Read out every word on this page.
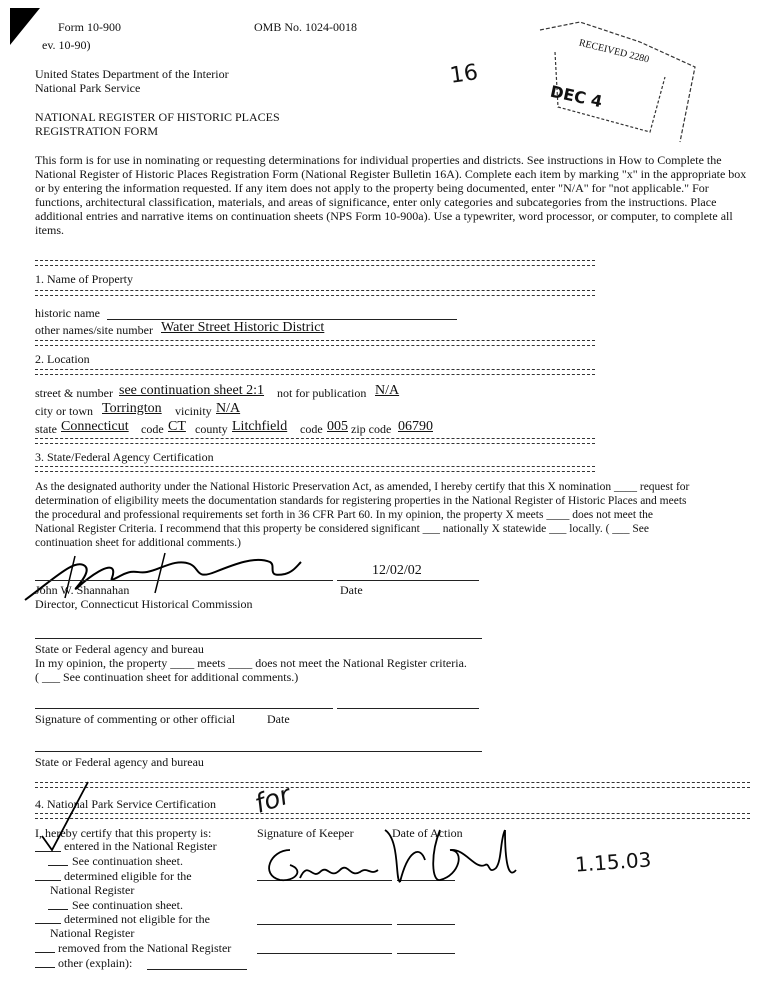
Form 10-900
ev. 10-90)
OMB No. 1024-0018
United States Department of the Interior
National Park Service
NATIONAL REGISTER OF HISTORIC PLACES
REGISTRATION FORM
RECEIVED 2280
DEC 4
16
This form is for use in nominating or requesting determinations for individual properties and districts. See instructions in How to Complete the National Register of Historic Places Registration Form (National Register Bulletin 16A). Complete each item by marking "x" in the appropriate box or by entering the information requested. If any item does not apply to the property being documented, enter "N/A" for "not applicable." For functions, architectural classification, materials, and areas of significance, enter only categories and subcategories from the instructions. Place additional entries and narrative items on continuation sheets (NPS Form 10-900a). Use a typewriter, word processor, or computer, to complete all items.
1. Name of Property
historic name
other names/site number Water Street Historic District
2. Location
street & number see continuation sheet 2:1 not for publication N/A
city or town Torrington vicinity N/A
state Connecticut code CT county Litchfield code 005 zip code 06790
3. State/Federal Agency Certification
As the designated authority under the National Historic Preservation Act, as amended, I hereby certify that this X nomination ____ request for
determination of eligibility meets the documentation standards for registering properties in the National Register of Historic Places and meets
the procedural and professional requirements set forth in 36 CFR Part 60. In my opinion, the property X meets ____ does not meet the
National Register Criteria. I recommend that this property be considered significant ___ nationally X statewide ___ locally. ( ___ See
continuation sheet for additional comments.)
12/02/02
John W. Shannahan	Date
Director, Connecticut Historical Commission
State or Federal agency and bureau
In my opinion, the property ____ meets ____ does not meet the National Register criteria.
( ___ See continuation sheet for additional comments.)
Signature of commenting or other official	Date
State or Federal agency and bureau
4. National Park Service Certification
I, hereby certify that this property is:	Signature of Keeper	Date of Action
entered in the National Register
See continuation sheet.
determined eligible for the
National Register
See continuation sheet.
determined not eligible for the
National Register
removed from the National Register
other (explain):
for
1.15.03
